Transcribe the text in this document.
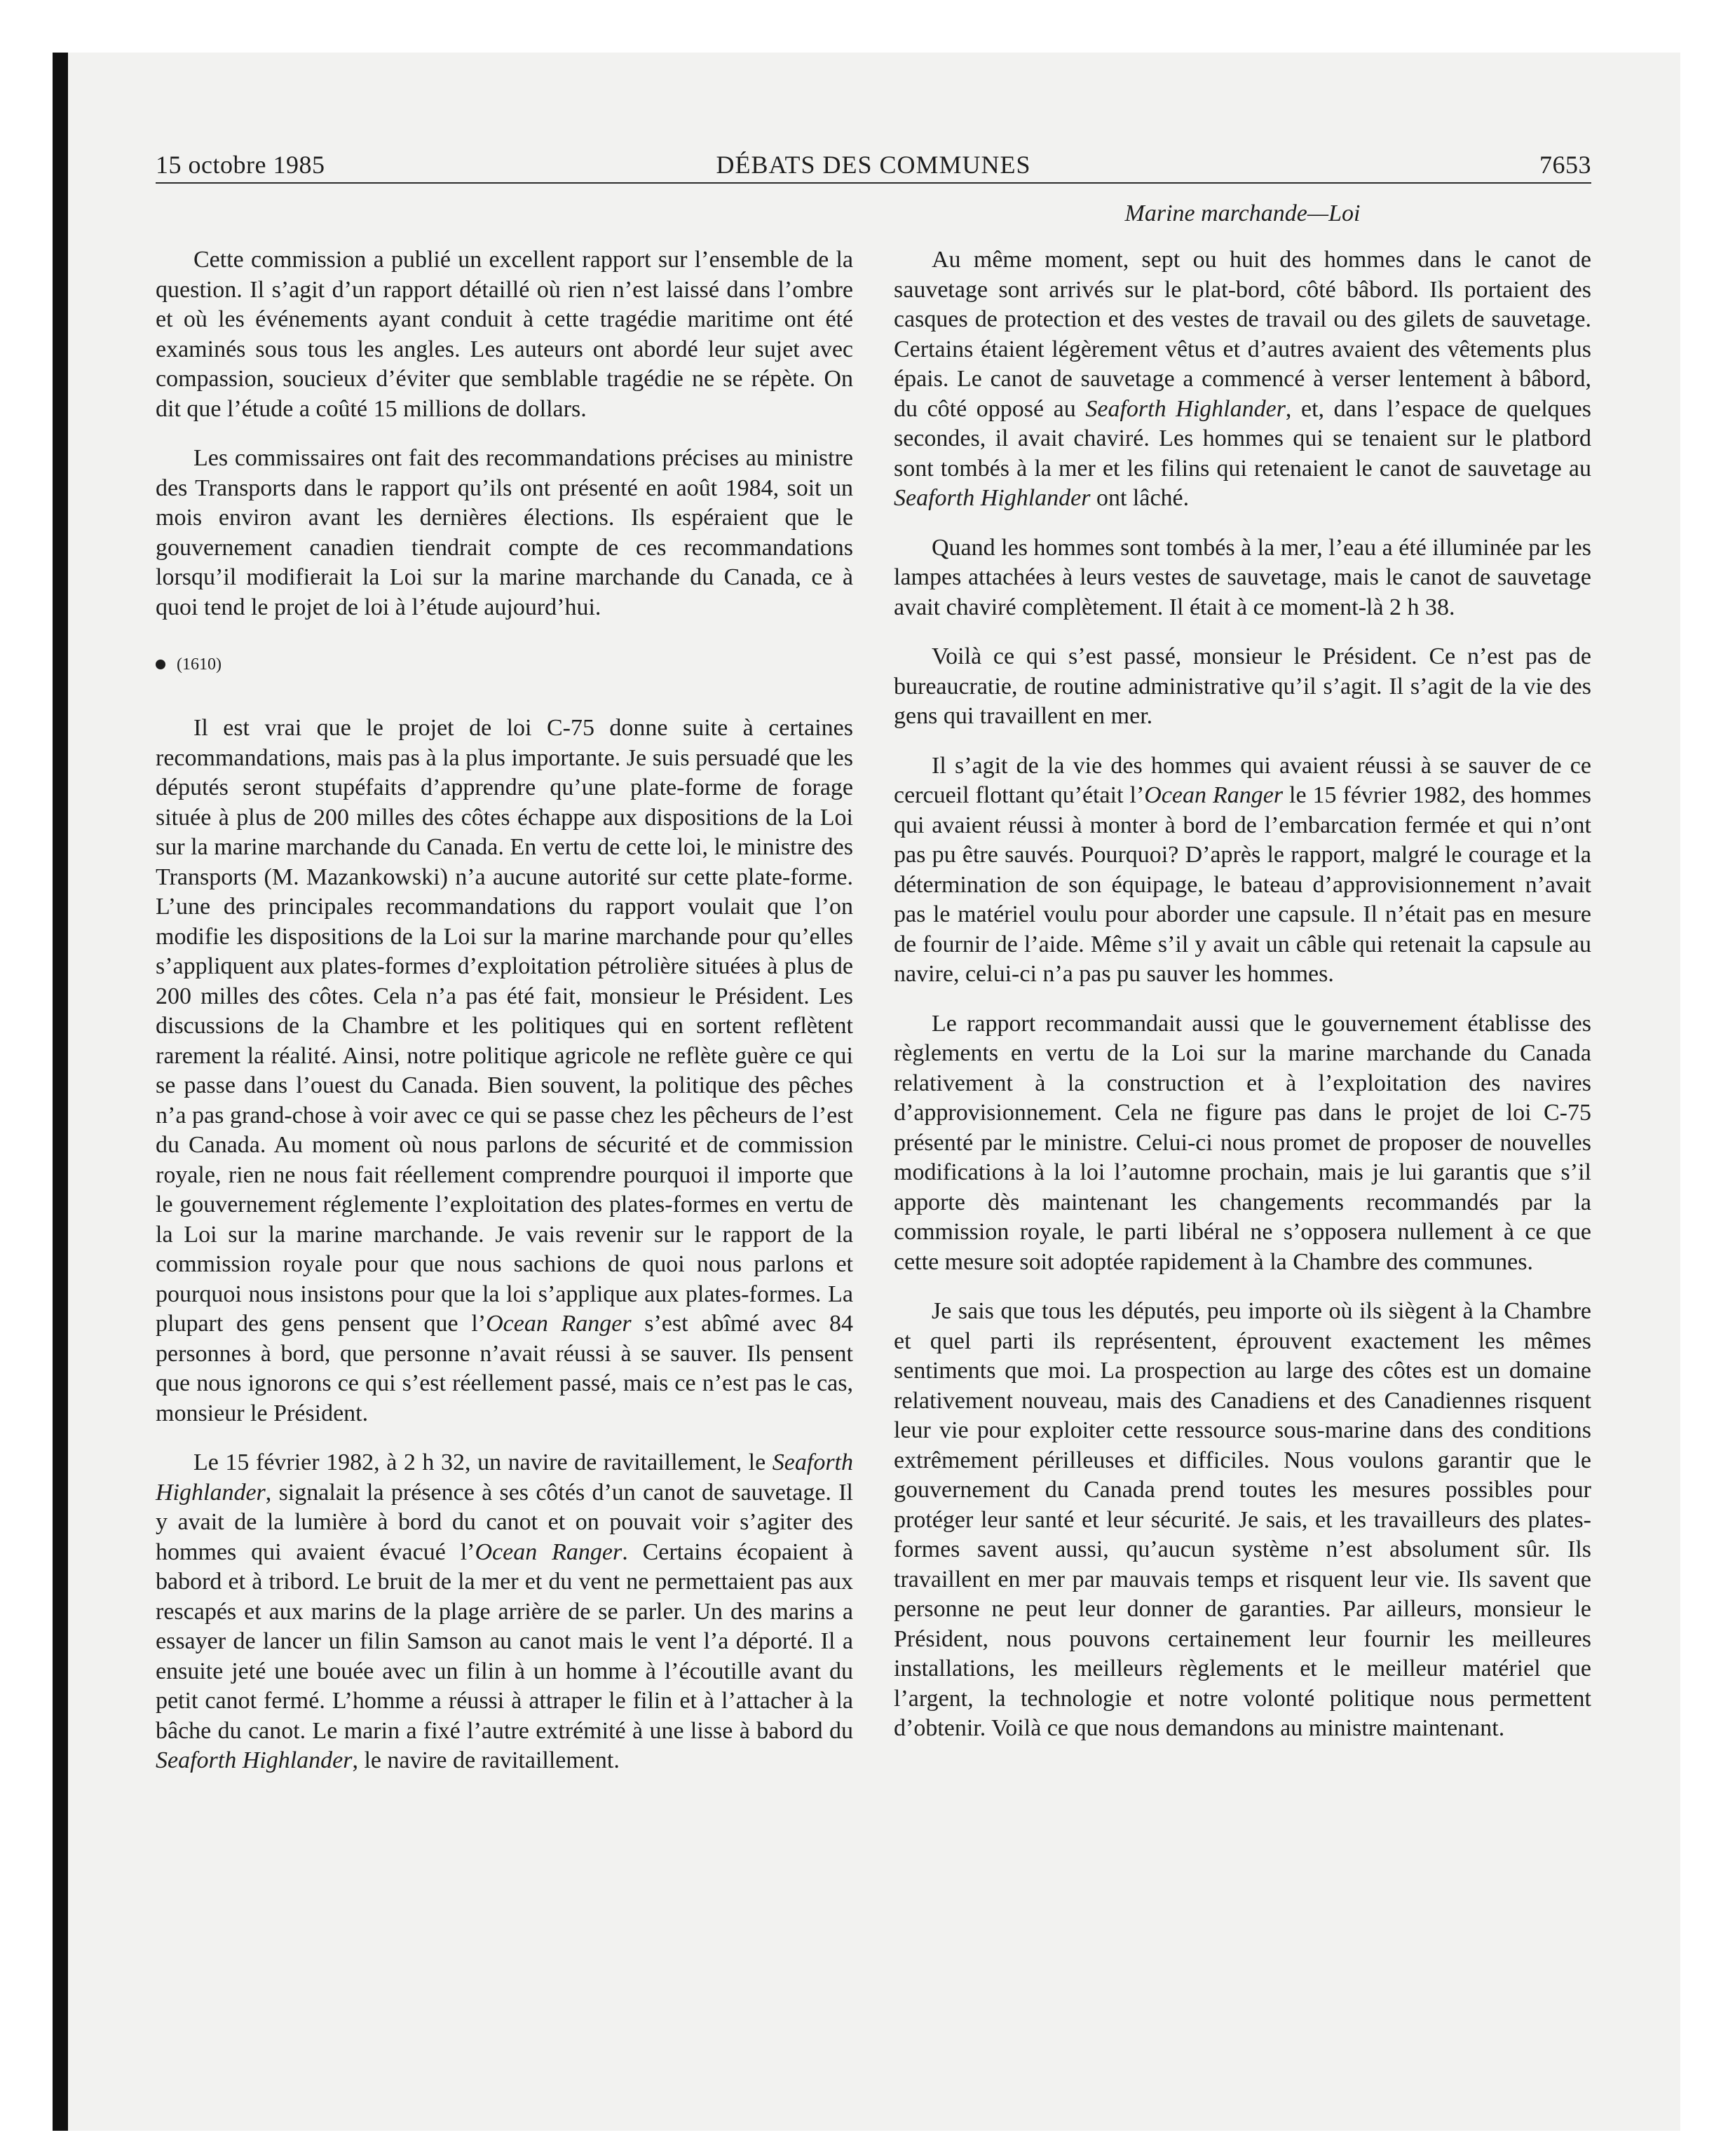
15 octobre 1985	DÉBATS DES COMMUNES	7653
Marine marchande—Loi

Cette commission a publié un excellent rapport sur l’ensemble de la question. Il s’agit d’un rapport détaillé où rien n’est laissé dans l’ombre et où les événements ayant conduit à cette tragédie maritime ont été examinés sous tous les angles. Les auteurs ont abordé leur sujet avec compassion, soucieux d’éviter que semblable tragédie ne se répète. On dit que l’étude a coûté 15 millions de dollars.

Les commissaires ont fait des recommandations précises au ministre des Transports dans le rapport qu’ils ont présenté en août 1984, soit un mois environ avant les dernières élections. Ils espéraient que le gouvernement canadien tiendrait compte de ces recommandations lorsqu’il modifierait la Loi sur la marine marchande du Canada, ce à quoi tend le projet de loi à l’étude aujourd’hui.

(1610)

Il est vrai que le projet de loi C-75 donne suite à certaines recommandations, mais pas à la plus importante. Je suis persuadé que les députés seront stupéfaits d’apprendre qu’une plate-forme de forage située à plus de 200 milles des côtes échappe aux dispositions de la Loi sur la marine marchande du Canada. En vertu de cette loi, le ministre des Transports (M. Mazankowski) n’a aucune autorité sur cette plate-forme. L’une des principales recommandations du rapport voulait que l’on modifie les dispositions de la Loi sur la marine marchande pour qu’elles s’appliquent aux plates-formes d’exploitation pétrolière situées à plus de 200 milles des côtes. Cela n’a pas été fait, monsieur le Président. Les discussions de la Chambre et les politiques qui en sortent reflètent rarement la réalité. Ainsi, notre politique agricole ne reflète guère ce qui se passe dans l’ouest du Canada. Bien souvent, la politique des pêches n’a pas grand-chose à voir avec ce qui se passe chez les pêcheurs de l’est du Canada. Au moment où nous parlons de sécurité et de commission royale, rien ne nous fait réellement comprendre pourquoi il importe que le gouvernement réglemente l’exploitation des plates-formes en vertu de la Loi sur la marine marchande. Je vais revenir sur le rapport de la commission royale pour que nous sachions de quoi nous parlons et pourquoi nous insistons pour que la loi s’applique aux plates-formes. La plupart des gens pensent que l’Ocean Ranger s’est abîmé avec 84 personnes à bord, que personne n’avait réussi à se sauver. Ils pensent que nous ignorons ce qui s’est réellement passé, mais ce n’est pas le cas, monsieur le Président.

Le 15 février 1982, à 2 h 32, un navire de ravitaillement, le Seaforth Highlander, signalait la présence à ses côtés d’un canot de sauvetage. Il y avait de la lumière à bord du canot et on pouvait voir s’agiter des hommes qui avaient évacué l’Ocean Ranger. Certains écopaient à babord et à tribord. Le bruit de la mer et du vent ne permettaient pas aux rescapés et aux marins de la plage arrière de se parler. Un des marins a essayer de lancer un filin Samson au canot mais le vent l’a déporté. Il a ensuite jeté une bouée avec un filin à un homme à l’écoutille avant du petit canot fermé. L’homme a réussi à attraper le filin et à l’attacher à la bâche du canot. Le marin a fixé l’autre extrémité à une lisse à babord du Seaforth Highlander, le navire de ravitaillement.

Au même moment, sept ou huit des hommes dans le canot de sauvetage sont arrivés sur le plat-bord, côté bâbord. Ils portaient des casques de protection et des vestes de travail ou des gilets de sauvetage. Certains étaient légèrement vêtus et d’autres avaient des vêtements plus épais. Le canot de sauvetage a commencé à verser lentement à bâbord, du côté opposé au Seaforth Highlander, et, dans l’espace de quelques secondes, il avait chaviré. Les hommes qui se tenaient sur le platbord sont tombés à la mer et les filins qui retenaient le canot de sauvetage au Seaforth Highlander ont lâché.

Quand les hommes sont tombés à la mer, l’eau a été illuminée par les lampes attachées à leurs vestes de sauvetage, mais le canot de sauvetage avait chaviré complètement. Il était à ce moment-là 2 h 38.

Voilà ce qui s’est passé, monsieur le Président. Ce n’est pas de bureaucratie, de routine administrative qu’il s’agit. Il s’agit de la vie des gens qui travaillent en mer.

Il s’agit de la vie des hommes qui avaient réussi à se sauver de ce cercueil flottant qu’était l’Ocean Ranger le 15 février 1982, des hommes qui avaient réussi à monter à bord de l’embarcation fermée et qui n’ont pas pu être sauvés. Pourquoi? D’après le rapport, malgré le courage et la détermination de son équipage, le bateau d’approvisionnement n’avait pas le matériel voulu pour aborder une capsule. Il n’était pas en mesure de fournir de l’aide. Même s’il y avait un câble qui retenait la capsule au navire, celui-ci n’a pas pu sauver les hommes.

Le rapport recommandait aussi que le gouvernement établisse des règlements en vertu de la Loi sur la marine marchande du Canada relativement à la construction et à l’exploitation des navires d’approvisionnement. Cela ne figure pas dans le projet de loi C-75 présenté par le ministre. Celui-ci nous promet de proposer de nouvelles modifications à la loi l’automne prochain, mais je lui garantis que s’il apporte dès maintenant les changements recommandés par la commission royale, le parti libéral ne s’opposera nullement à ce que cette mesure soit adoptée rapidement à la Chambre des communes.

Je sais que tous les députés, peu importe où ils siègent à la Chambre et quel parti ils représentent, éprouvent exactement les mêmes sentiments que moi. La prospection au large des côtes est un domaine relativement nouveau, mais des Canadiens et des Canadiennes risquent leur vie pour exploiter cette ressource sous-marine dans des conditions extrêmement périlleuses et difficiles. Nous voulons garantir que le gouvernement du Canada prend toutes les mesures possibles pour protéger leur santé et leur sécurité. Je sais, et les travailleurs des plates-formes savent aussi, qu’aucun système n’est absolument sûr. Ils travaillent en mer par mauvais temps et risquent leur vie. Ils savent que personne ne peut leur donner de garanties. Par ailleurs, monsieur le Président, nous pouvons certainement leur fournir les meilleures installations, les meilleurs règlements et le meilleur matériel que l’argent, la technologie et notre volonté politique nous permettent d’obtenir. Voilà ce que nous demandons au ministre maintenant.
